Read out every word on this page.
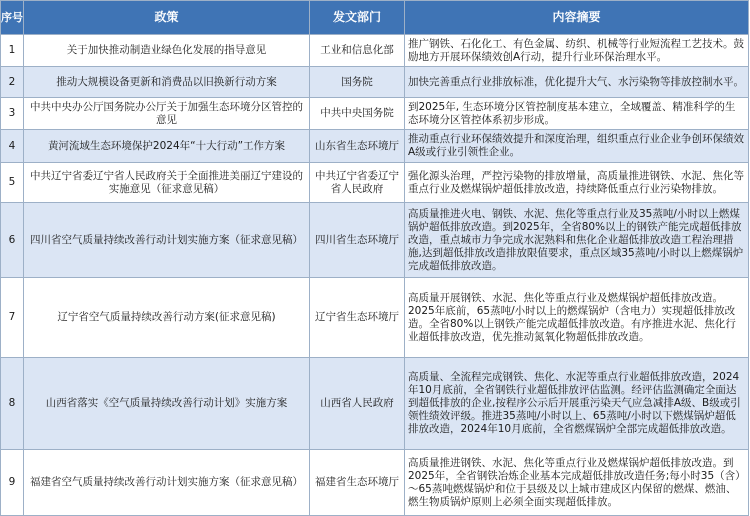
序号	政策	发文部门	内容摘要
1	关于加快推动制造业绿色化发展的指导意见	工业和信息化部	推广钢铁、石化化工、有色金属、纺织、机械等行业短流程工艺技术。鼓励地方开展环保绩效创A行动，提升行业环保治理水平。
2	推动大规模设备更新和消费品以旧换新行动方案	国务院	加快完善重点行业排放标准，优化提升大气、水污染物等排放控制水平。
3	中共中央办公厅国务院办公厅关于加强生态环境分区管控的意见	中共中央国务院	到2025年, 生态环境分区管控制度基本建立，全域覆盖、精准科学的生态环境分区管控体系初步形成。
4	黄河流域生态环境保护2024年“十大行动”工作方案	山东省生态环境厅	推动重点行业环保绩效提升和深度治理，组织重点行业企业争创环保绩效A级或行业引领性企业。
5	中共辽宁省委辽宁省人民政府关于全面推进美丽辽宁建设的实施意见（征求意见稿）	中共辽宁省委辽宁省人民政府	强化源头治理，严控污染物的排放增量，高质量推进钢铁、水泥、焦化等重点行业及燃煤锅炉超低排放改造，持续降低重点行业污染物排放。
6	四川省空气质量持续改善行动计划实施方案（征求意见稿）	四川省生态环境厅	高质量推进火电、钢铁、水泥、焦化等重点行业及35蒸吨/小时以上燃煤锅炉超低排放改造。到2025年，全省80%以上的钢铁产能完成超低排放改造，重点城市力争完成水泥熟料和焦化企业超低排放改造工程治理措施,达到超低排放改造排放限值要求，重点区域35蒸吨/小时以上燃煤锅炉完成超低排放改造。
7	辽宁省空气质量持续改善行动方案(征求意见稿)	辽宁省生态环境厅	高质量开展钢铁、水泥、焦化等重点行业及燃煤锅炉超低排放改造。2025年底前，65蒸吨/小时以上的燃煤锅炉（含电力）实现超低排放改造。全省80%以上钢铁产能完成超低排放改造。有序推进水泥、焦化行业超低排放改造，优先推动氮氧化物超低排放改造。
8	山西省落实《空气质量持续改善行动计划》实施方案	山西省人民政府	高质量、全流程完成钢铁、焦化、水泥等重点行业超低排放改造，2024年10月底前，全省钢铁行业超低排放评估监测。经评估监测确定全面达到超低排放的企业,按程序公示后开展重污染天气应急减排A级、B级或引领性绩效评级。推进35蒸吨/小时以上、65蒸吨/小时以下燃煤锅炉超低排放改造，2024年10月底前，全省燃煤锅炉全部完成超低排放改造。
9	福建省空气质量持续改善行动计划实施方案（征求意见稿）	福建省生态环境厅	高质量推进钢铁、水泥、焦化等重点行业及燃煤锅炉超低排放改造。到2025年，全省钢铁冶炼企业基本完成超低排放改造任务;每小时35（含）～65蒸吨燃煤锅炉和位于县级及以上城市建成区内保留的燃煤、燃油、燃生物质锅炉原则上必须全面实现超低排放。
